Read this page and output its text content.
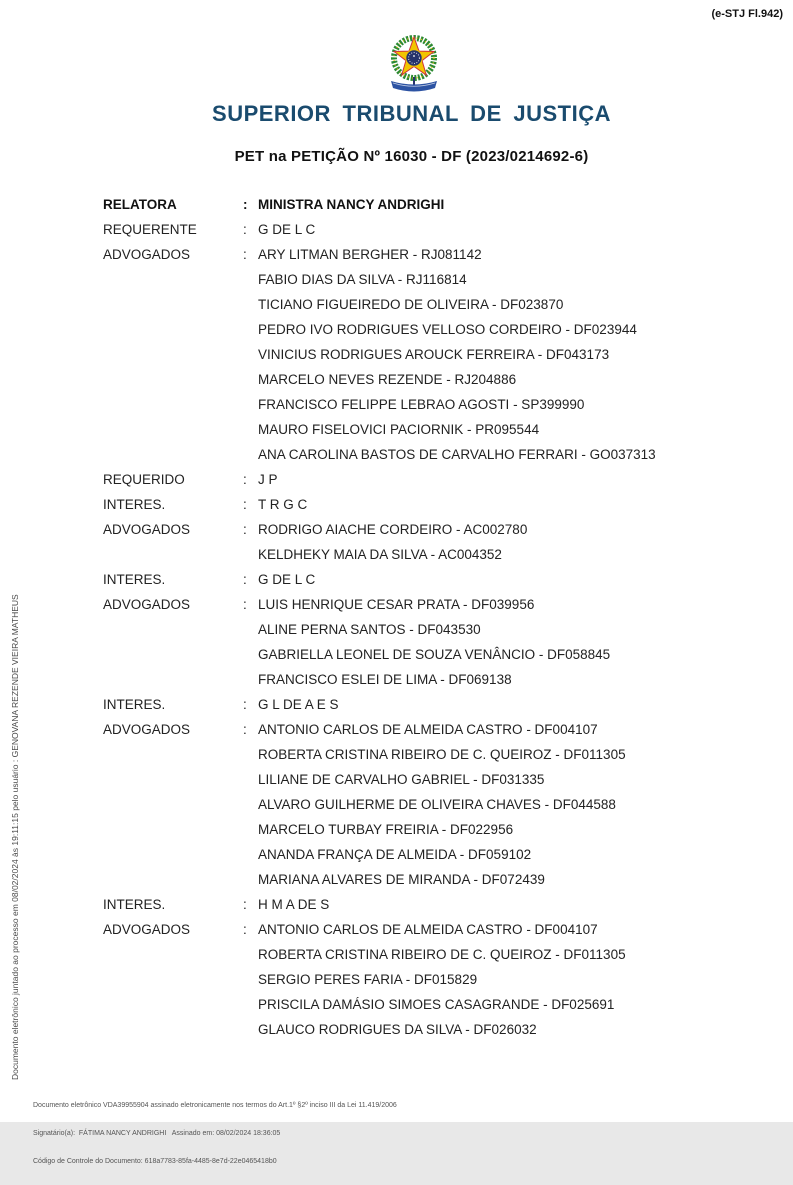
(e-STJ Fl.942)
SUPERIOR TRIBUNAL DE JUSTIÇA
PET na PETIÇÃO Nº 16030 - DF (2023/0214692-6)
RELATORA	: MINISTRA NANCY ANDRIGHI
REQUERENTE	: G DE L C
ADVOGADOS	: ARY LITMAN BERGHER - RJ081142
FABIO DIAS DA SILVA - RJ116814
TICIANO FIGUEIREDO DE OLIVEIRA - DF023870
PEDRO IVO RODRIGUES VELLOSO CORDEIRO - DF023944
VINICIUS RODRIGUES AROUCK FERREIRA - DF043173
MARCELO NEVES REZENDE - RJ204886
FRANCISCO FELIPPE LEBRAO AGOSTI - SP399990
MAURO FISELOVICI PACIORNIK - PR095544
ANA CAROLINA BASTOS DE CARVALHO FERRARI - GO037313
REQUERIDO	: J P
INTERES.	: T R G C
ADVOGADOS	: RODRIGO AIACHE CORDEIRO - AC002780
KELDHEKY MAIA DA SILVA - AC004352
INTERES.	: G DE L C
ADVOGADOS	: LUIS HENRIQUE CESAR PRATA - DF039956
ALINE PERNA SANTOS - DF043530
GABRIELLA LEONEL DE SOUZA VENÂNCIO - DF058845
FRANCISCO ESLEI DE LIMA - DF069138
INTERES.	: G L DE A E S
ADVOGADOS	: ANTONIO CARLOS DE ALMEIDA CASTRO - DF004107
ROBERTA CRISTINA RIBEIRO DE C. QUEIROZ - DF011305
LILIANE DE CARVALHO GABRIEL - DF031335
ALVARO GUILHERME DE OLIVEIRA CHAVES - DF044588
MARCELO TURBAY FREIRIA - DF022956
ANANDA FRANÇA DE ALMEIDA - DF059102
MARIANA ALVARES DE MIRANDA - DF072439
INTERES.	: H M A DE S
ADVOGADOS	: ANTONIO CARLOS DE ALMEIDA CASTRO - DF004107
ROBERTA CRISTINA RIBEIRO DE C. QUEIROZ - DF011305
SERGIO PERES FARIA - DF015829
PRISCILA DAMÁSIO SIMOES CASAGRANDE - DF025691
GLAUCO RODRIGUES DA SILVA - DF026032
Documento eletrônico juntado ao processo em 08/02/2024 às 19:11:15 pelo usuário : GENOVANA REZENDE VIEIRA MATHEUS

Documento eletrônico VDA39955904 assinado eletronicamente nos termos do Art.1º §2º inciso III da Lei 11.419/2006

Signatário(a):  FÁTIMA NANCY ANDRIGHI   Assinado em: 08/02/2024 18:36:05

Código de Controle do Documento: 618a7783-85fa-4485-8e7d-22e0465418b0
